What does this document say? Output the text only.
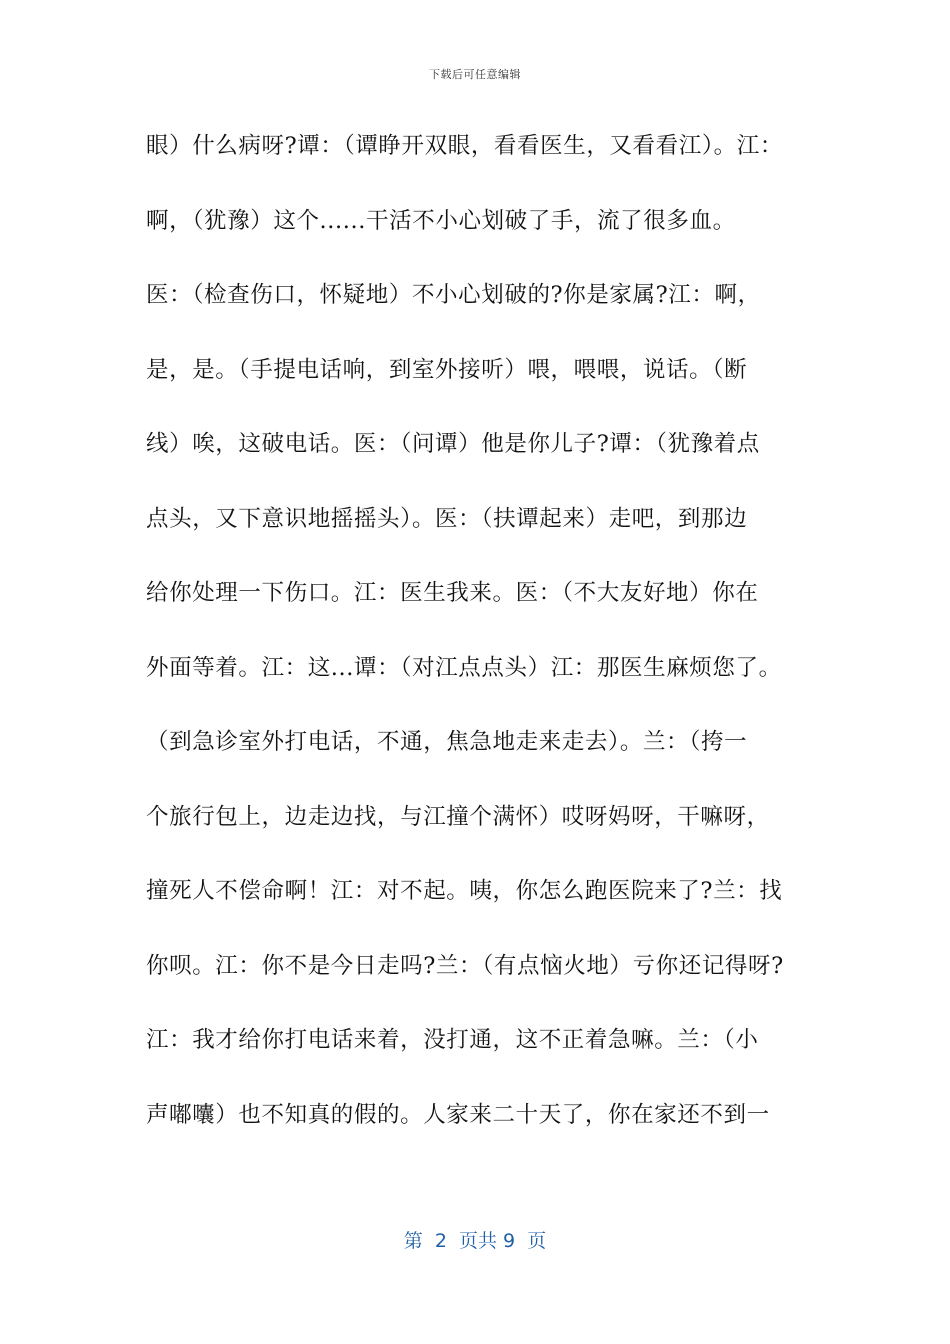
下载后可任意编辑
眼）什么病呀?谭：（谭睁开双眼，看看医生，又看看江）。江：
啊，（犹豫）这个......干活不小心划破了手，流了很多血。
医：（检查伤口，怀疑地）不小心划破的?你是家属?江：啊，
是，是。（手提电话响，到室外接听）喂，喂喂，说话。（断
线）唉，这破电话。医：（问谭）他是你儿子?谭：（犹豫着点
点头，又下意识地摇摇头）。医：（扶谭起来）走吧，到那边
给你处理一下伤口。江：医生我来。医：（不大友好地）你在
外面等着。江：这...谭：（对江点点头）江：那医生麻烦您了。
（到急诊室外打电话，不通，焦急地走来走去）。兰：（挎一
个旅行包上，边走边找，与江撞个满怀）哎呀妈呀，干嘛呀，
撞死人不偿命啊！江：对不起。咦，你怎么跑医院来了?兰：找
你呗。江：你不是今日走吗?兰：（有点恼火地）亏你还记得呀?
江：我才给你打电话来着，没打通，这不正着急嘛。兰：（小
声嘟囔）也不知真的假的。人家来二十天了，你在家还不到一
第  2  页共 9  页
